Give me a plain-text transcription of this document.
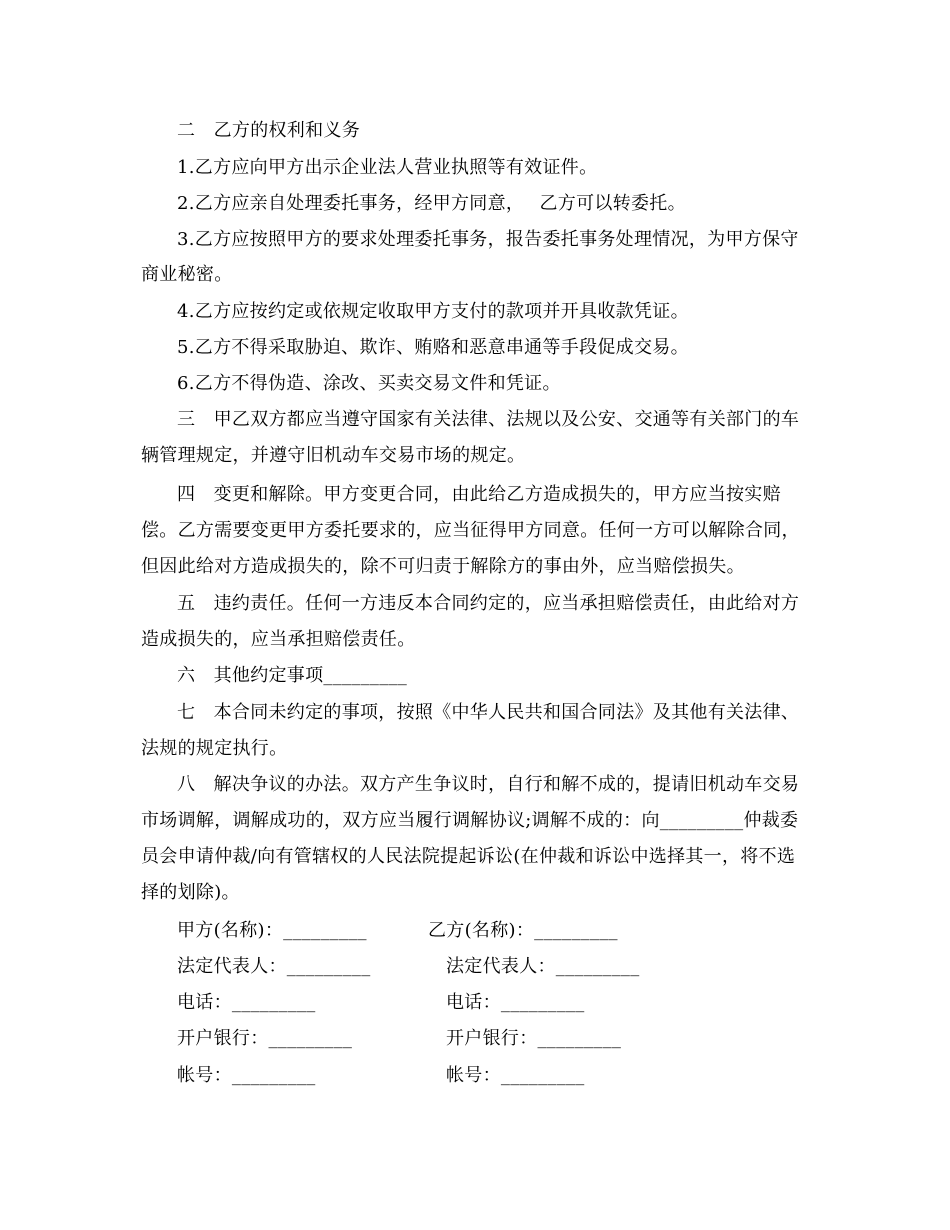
二　乙方的权利和义务
1.乙方应向甲方出示企业法人营业执照等有效证件。
2.乙方应亲自处理委托事务，经甲方同意，　 乙方可以转委托。
3.乙方应按照甲方的要求处理委托事务，报告委托事务处理情况，为甲方保守
商业秘密。
4.乙方应按约定或依规定收取甲方支付的款项并开具收款凭证。
5.乙方不得采取胁迫、欺诈、贿赂和恶意串通等手段促成交易。
6.乙方不得伪造、涂改、买卖交易文件和凭证。
三　甲乙双方都应当遵守国家有关法律、法规以及公安、交通等有关部门的车
辆管理规定，并遵守旧机动车交易市场的规定。
四　变更和解除。甲方变更合同，由此给乙方造成损失的，甲方应当按实赔
偿。乙方需要变更甲方委托要求的，应当征得甲方同意。任何一方可以解除合同，
但因此给对方造成损失的，除不可归责于解除方的事由外，应当赔偿损失。
五　违约责任。任何一方违反本合同约定的，应当承担赔偿责任，由此给对方
造成损失的，应当承担赔偿责任。
六　其他约定事项_________
七　本合同未约定的事项，按照《中华人民共和国合同法》及其他有关法律、
法规的规定执行。
八　解决争议的办法。双方产生争议时，自行和解不成的，提请旧机动车交易
市场调解，调解成功的，双方应当履行调解协议;调解不成的：向_________仲裁委
员会申请仲裁/向有管辖权的人民法院提起诉讼(在仲裁和诉讼中选择其一，将不选
择的划除)。
甲方(名称)：_________	乙方(名称)：_________
法定代表人：_________	法定代表人：_________
电话：_________	电话：_________
开户银行：_________	开户银行：_________
帐号：_________	帐号：_________
